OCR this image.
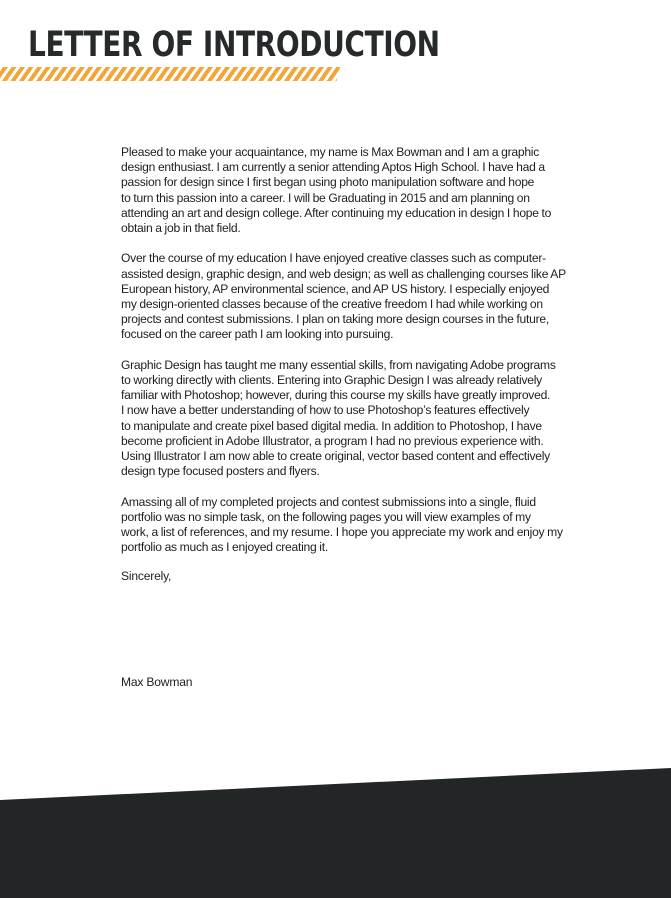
LETTER OF INTRODUCTION

Pleased to make your acquaintance, my name is Max Bowman and I am a graphic
design enthusiast. I am currently a senior attending Aptos High School. I have had a
passion for design since I first began using photo manipulation software and hope
to turn this passion into a career. I will be Graduating in 2015 and am planning on
attending an art and design college. After continuing my education in design I hope to
obtain a job in that field.

Over the course of my education I have enjoyed creative classes such as computer-
assisted design, graphic design, and web design; as well as challenging courses like AP
European history, AP environmental science, and AP US history. I especially enjoyed
my design-oriented classes because of the creative freedom I had while working on
projects and contest submissions. I plan on taking more design courses in the future,
focused on the career path I am looking into pursuing.

Graphic Design has taught me many essential skills, from navigating Adobe programs
to working directly with clients. Entering into Graphic Design I was already relatively
familiar with Photoshop; however, during this course my skills have greatly improved.
I now have a better understanding of how to use Photoshop’s features effectively
to manipulate and create pixel based digital media. In addition to Photoshop, I have
become proficient in Adobe Illustrator, a program I had no previous experience with.
Using Illustrator I am now able to create original, vector based content and effectively
design type focused posters and flyers.

Amassing all of my completed projects and contest submissions into a single, fluid
portfolio was no simple task, on the following pages you will view examples of my
work, a list of references, and my resume. I hope you appreciate my work and enjoy my
portfolio as much as I enjoyed creating it.

Sincerely,
Max Bowman
